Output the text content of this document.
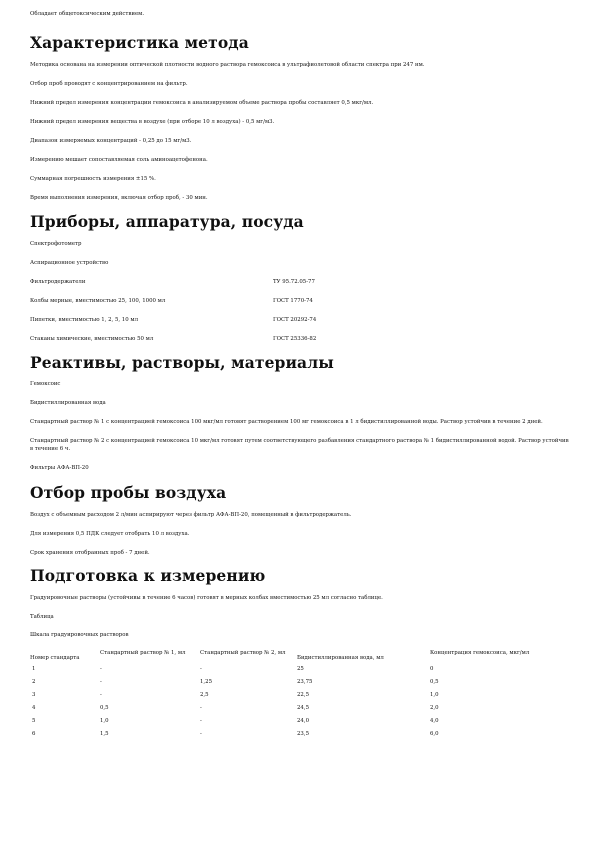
Обладает общетоксическим действием.

Характеристика метода

Методика основана на измерении оптической плотности водного раствора гемоксоиса в ультрафиолетовой области спектра при 247 нм.

Отбор проб проводят с концентрированием на фильтр.

Нижний предел измерения концентрации гемоксоиса в анализируемом объеме раствора пробы составляет 0,5 мкг/мл.

Нижний предел измерения вещества в воздухе (при отборе 10 л воздуха) - 0,5 мг/м3.

Диапазон измеряемых концентраций - 0,25 до 15 мг/м3.

Измерению мешает сопоставляемая соль аминоацетофенона.

Суммарная погрешность измерения ±15 %.

Время выполнения измерения, включая отбор проб, - 30 мин.

Приборы, аппаратура, посуда

Спектрофотометр

Аспирационное устройство

Фильтродержатели	ТУ 95.72.05-77
Колбы мерные, вместимостью 25, 100, 1000 мл	ГОСТ 1770-74
Пипетки, вместимостью 1, 2, 5, 10 мл	ГОСТ 20292-74
Стаканы химические, вместимостью 50 мл	ГОСТ 25336-82
Реактивы, растворы, материалы

Гемоксоис

Бидистиллированная вода

Стандартный раствор № 1 с концентрацией гемоксоиса 100 мкг/мл готовят растворением 100 мг гемоксоиса в 1 л бидистиллированной воды. Раствор устойчив в течение 2 дней.

Стандартный раствор № 2 с концентрацией гемоксоиса 10 мкг/мл готовят путем соответствующего разбавления стандартного раствора № 1 бидистиллированной водой. Раствор устойчив в течение 6 ч.

Фильтры АФА-ВП-20

Отбор пробы воздуха

Воздух с объемным расходом 2 л/мин аспирируют через фильтр АФА-ВП-20, помещенный в фильтродержатель.

Для измерения 0,5 ПДК следует отобрать 10 л воздуха.

Срок хранения отобранных проб - 7 дней.

Подготовка к измерению

Градуировочные растворы (устойчивы в течение 6 часов) готовят в мерных колбах вместимостью 25 мл согласно таблице.

Таблица

Шкала градуировочных растворов

Номер стандарта	Стандартный раствор № 1, мл	Стандартный раствор № 2, мл	Бидистиллированная вода, мл	Концентрация гемоксоиса, мкг/мл
1	-	-	25	0
2	-	1,25	23,75	0,5
3	-	2,5	22,5	1,0
4	0,5	-	24,5	2,0
5	1,0	-	24,0	4,0
6	1,5	-	23,5	6,0
